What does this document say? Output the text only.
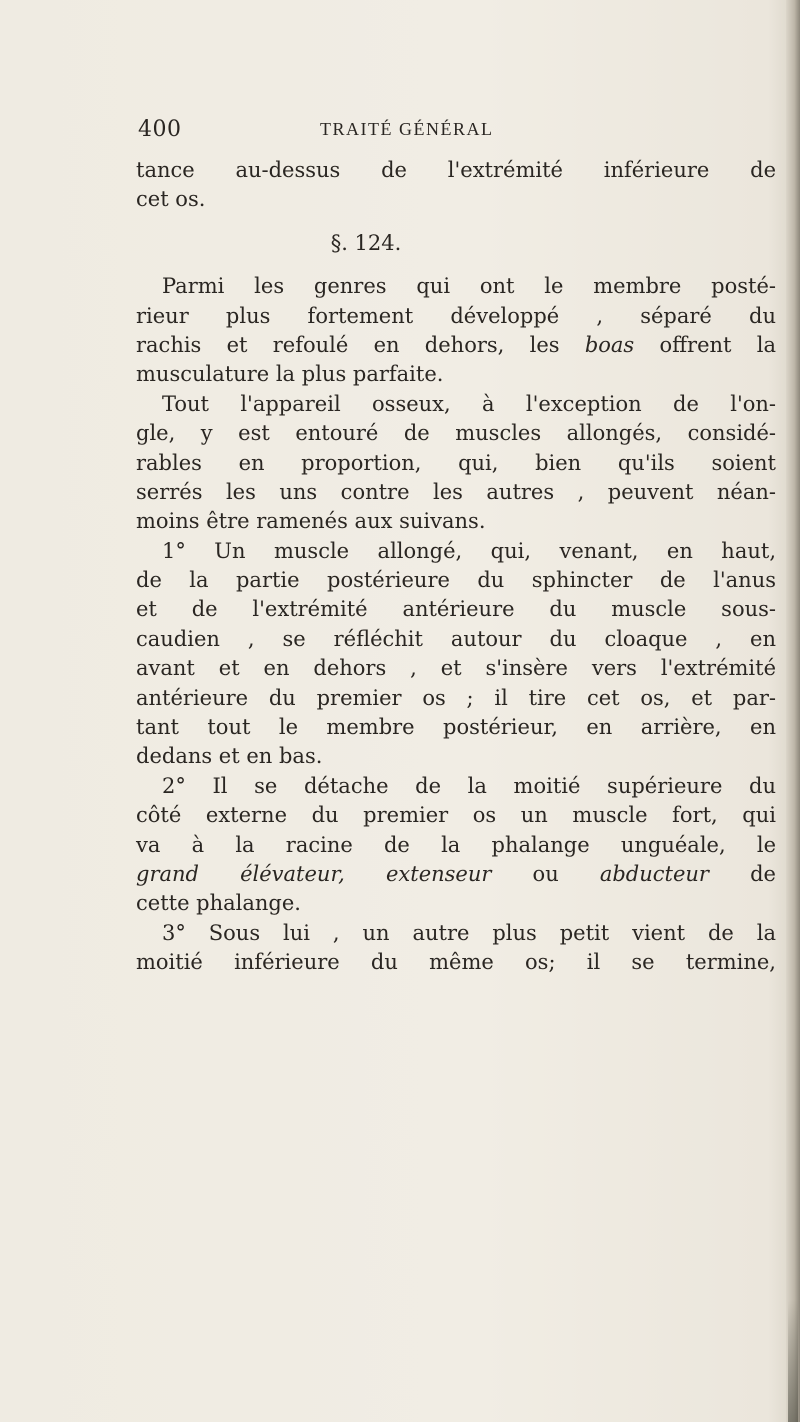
400	TRAITÉ GÉNÉRAL
tance au-dessus de l'extrémité inférieure de
cet os.
§. 124.
Parmi les genres qui ont le membre posté-
rieur plus fortement développé , séparé du
rachis et refoulé en dehors, les boas offrent la
musculature la plus parfaite.
Tout l'appareil osseux, à l'exception de l'on-
gle, y est entouré de muscles allongés, considé-
rables en proportion, qui, bien qu'ils soient
serrés les uns contre les autres , peuvent néan-
moins être ramenés aux suivans.
1° Un muscle allongé, qui, venant, en haut,
de la partie postérieure du sphincter de l'anus
et de l'extrémité antérieure du muscle sous-
caudien , se réfléchit autour du cloaque , en
avant et en dehors , et s'insère vers l'extrémité
antérieure du premier os ; il tire cet os, et par-
tant tout le membre postérieur, en arrière, en
dedans et en bas.
2° Il se détache de la moitié supérieure du
côté externe du premier os un muscle fort, qui
va à la racine de la phalange unguéale, le
grand élévateur, extenseur ou abducteur de
cette phalange.
3° Sous lui , un autre plus petit vient de la
moitié inférieure du même os; il se termine,
